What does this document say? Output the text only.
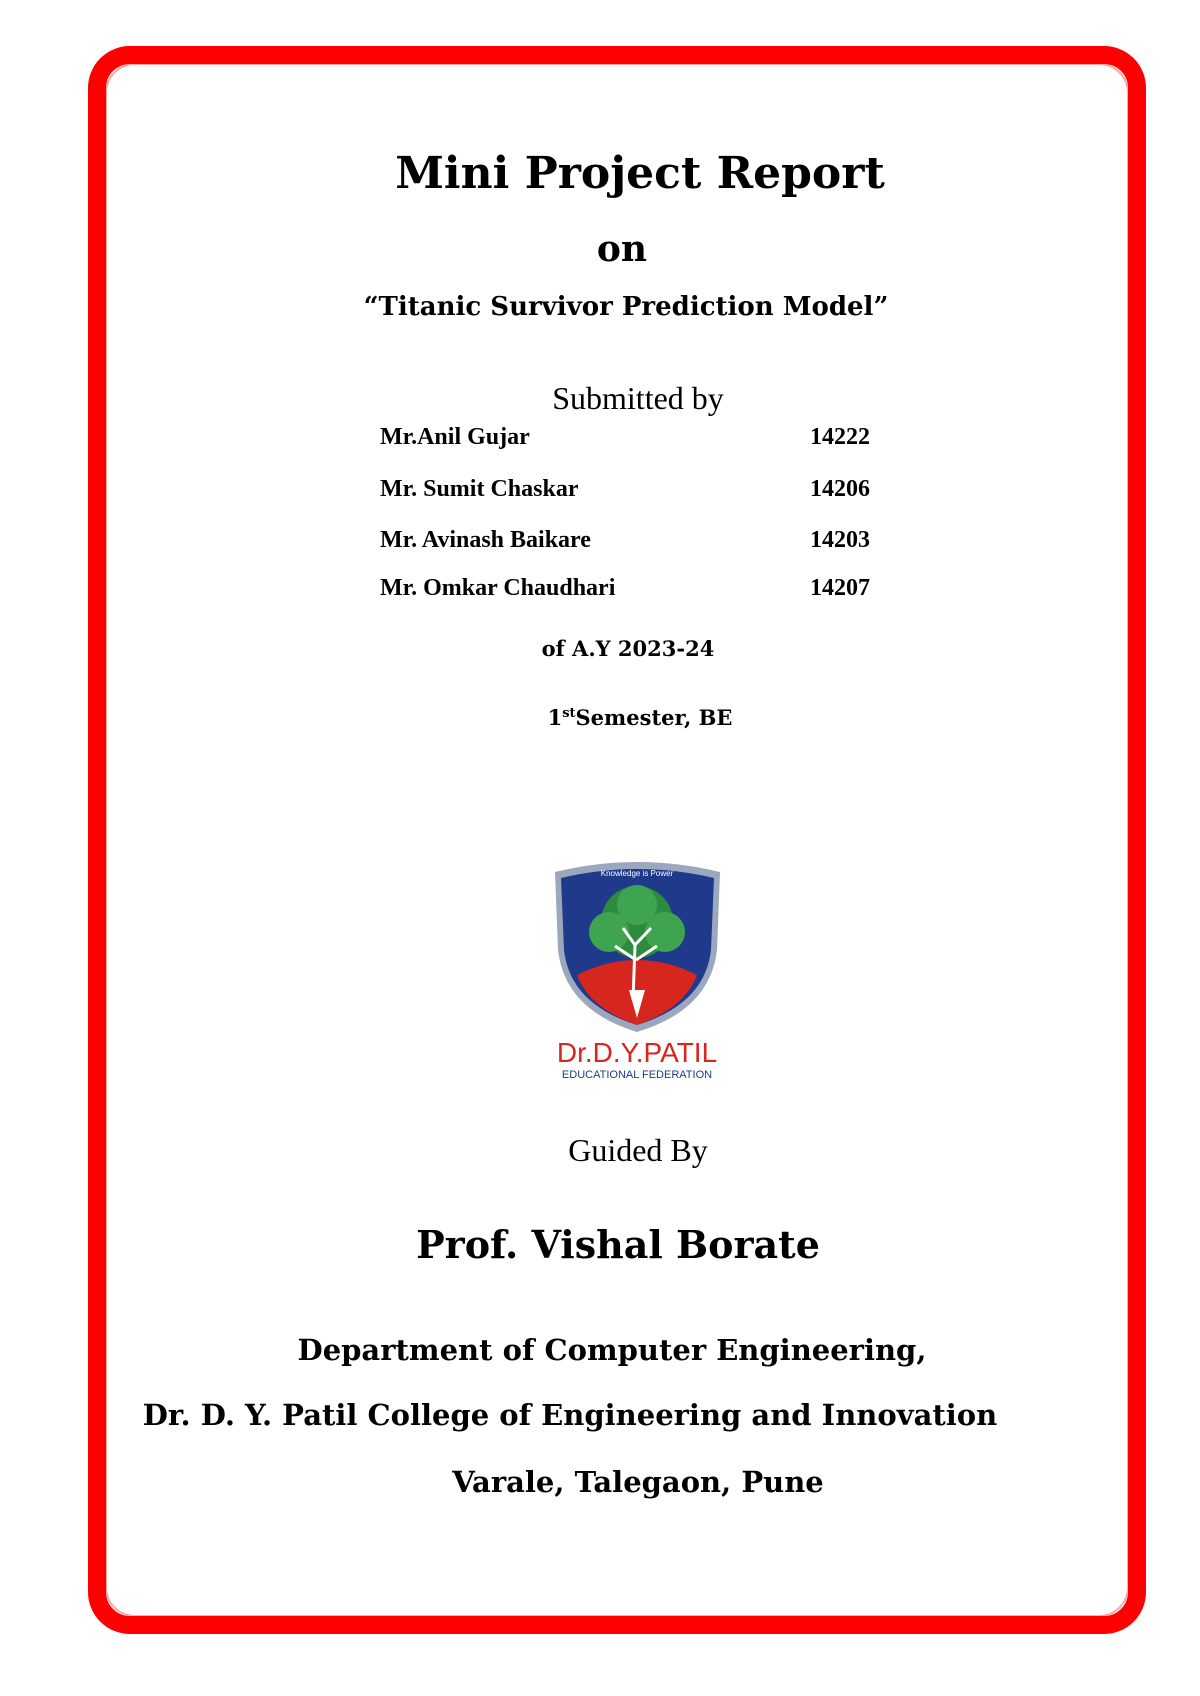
Mini Project Report
on
“Titanic Survivor Prediction Model”
Submitted by
Mr.Anil Gujar	14222
Mr. Sumit Chaskar	14206
Mr. Avinash Baikare	14203
Mr. Omkar Chaudhari	14207
of A.Y 2023-24
1stSemester, BE
Knowledge is Power
Dr.D.Y.PATIL
EDUCATIONAL FEDERATION
Guided By
Prof. Vishal Borate
Department of Computer Engineering,
Dr. D. Y. Patil College of Engineering and Innovation
Varale, Talegaon, Pune
